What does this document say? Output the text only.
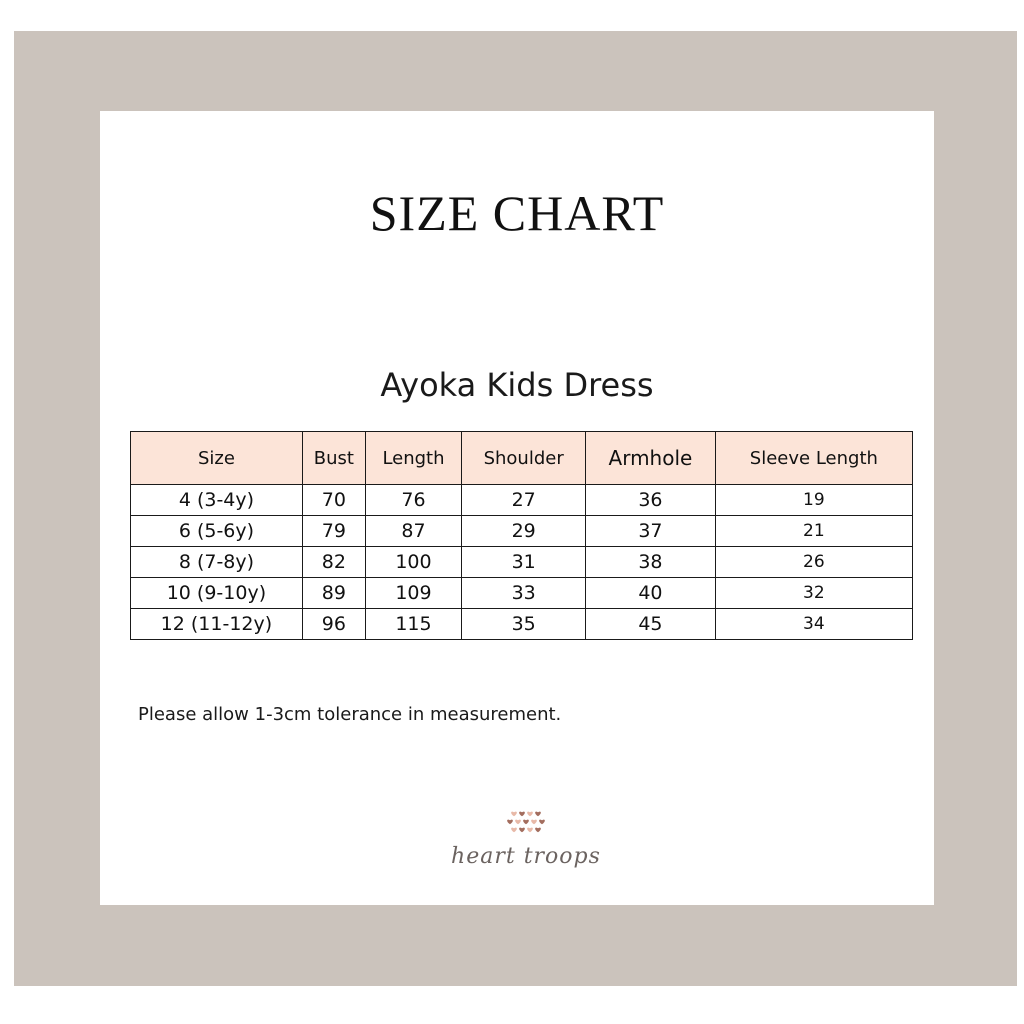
SIZE CHART
Ayoka Kids Dress
Size	Bust	Length	Shoulder	Armhole	Sleeve Length
4 (3-4y)	70	76	27	36	19
6 (5-6y)	79	87	29	37	21
8 (7-8y)	82	100	31	38	26
10 (9-10y)	89	109	33	40	32
12 (11-12y)	96	115	35	45	34

Please allow 1-3cm tolerance in measurement.

heart troops
